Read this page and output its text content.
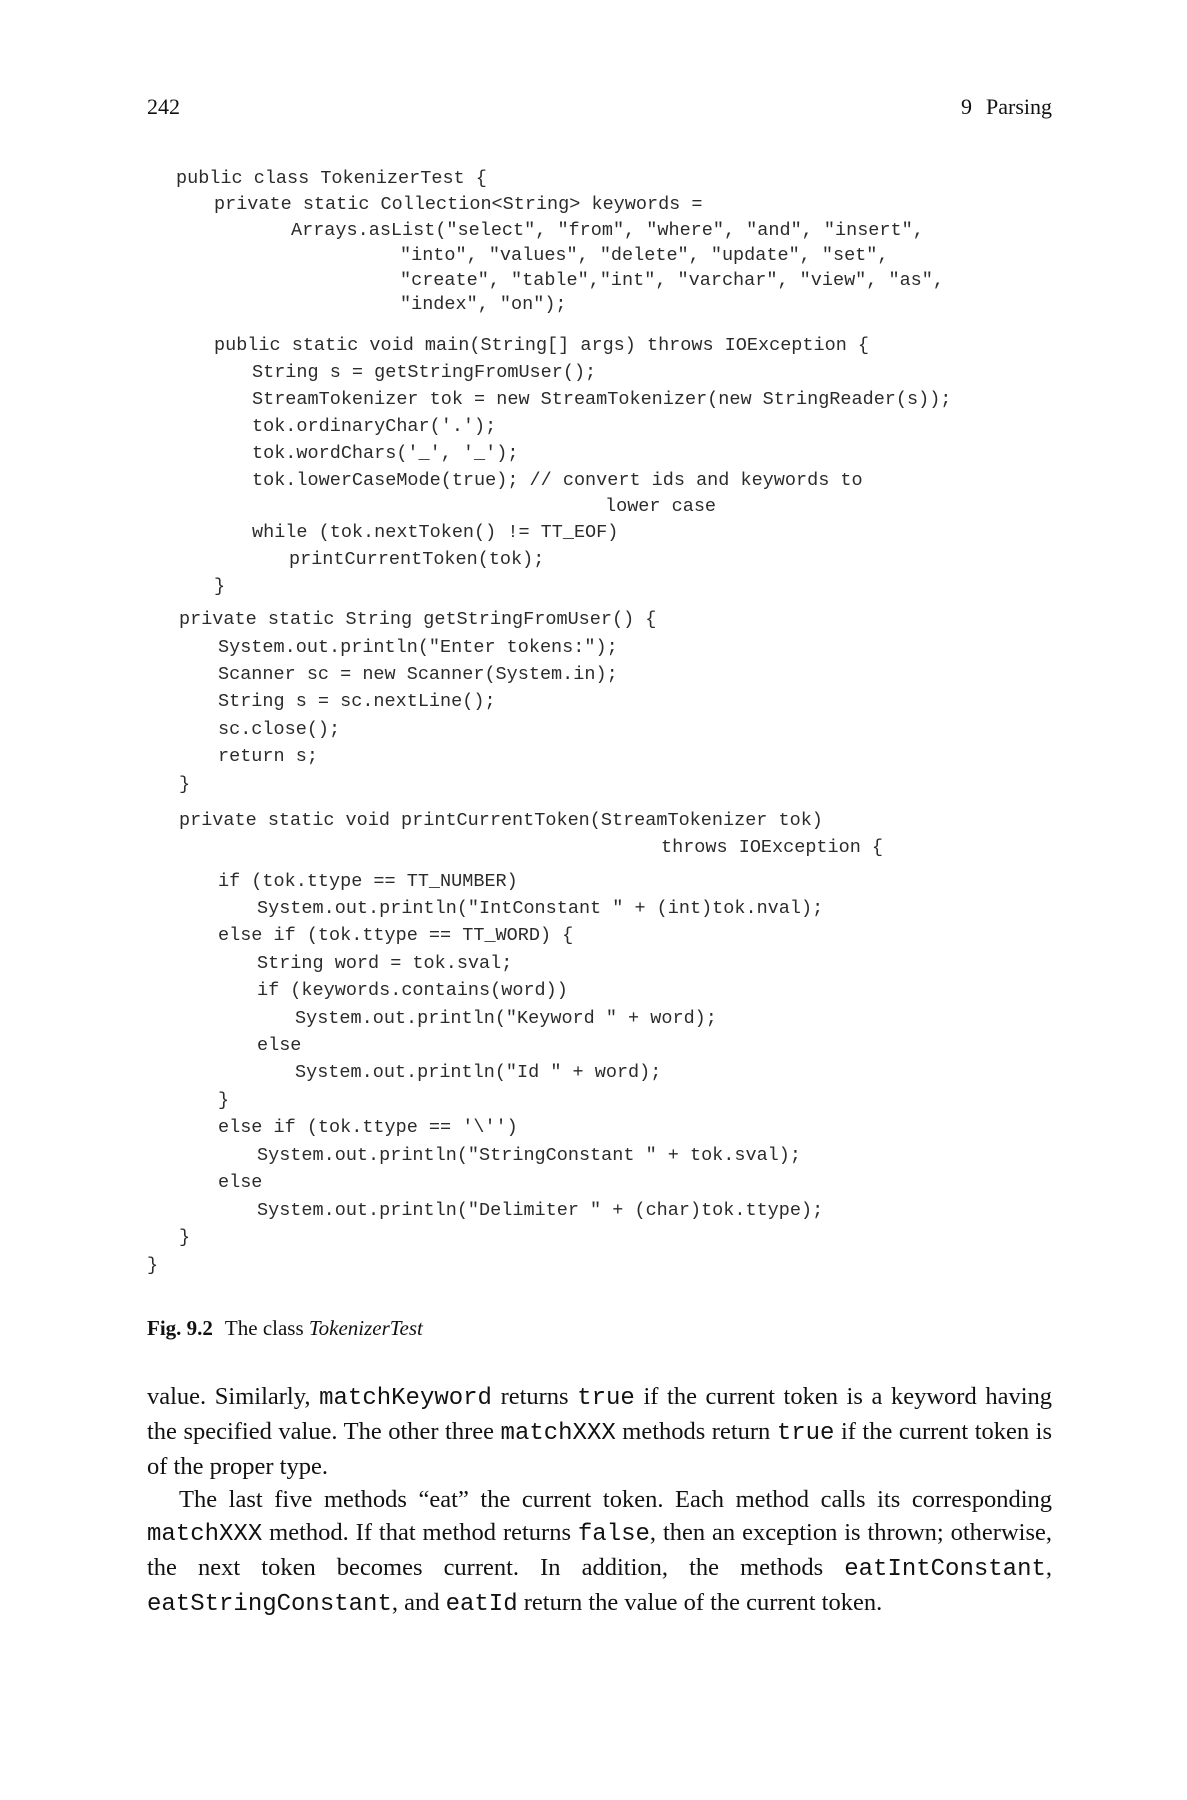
242	9 Parsing

public class TokenizerTest {

private static Collection<String> keywords =

Arrays.asList("select", "from", "where", "and", "insert",

"into", "values", "delete", "update", "set",

"create", "table","int", "varchar", "view", "as",

"index", "on");

public static void main(String[] args) throws IOException {

String s = getStringFromUser();

StreamTokenizer tok = new StreamTokenizer(new StringReader(s));

tok.ordinaryChar('.');

tok.wordChars('_', '_');

tok.lowerCaseMode(true); // convert ids and keywords to

lower case

while (tok.nextToken() != TT_EOF)

printCurrentToken(tok);

}

private static String getStringFromUser() {

System.out.println("Enter tokens:");

Scanner sc = new Scanner(System.in);

String s = sc.nextLine();

sc.close();

return s;

}

private static void printCurrentToken(StreamTokenizer tok)

throws IOException {

if (tok.ttype == TT_NUMBER)

System.out.println("IntConstant " + (int)tok.nval);

else if (tok.ttype == TT_WORD) {

String word = tok.sval;

if (keywords.contains(word))

System.out.println("Keyword " + word);

else

System.out.println("Id " + word);

}

else if (tok.ttype == '\'')

System.out.println("StringConstant " + tok.sval);

else

System.out.println("Delimiter " + (char)tok.ttype);

}

}

Fig. 9.2 The class TokenizerTest

value. Similarly, matchKeyword returns true if the current token is a keyword having the specified value. The other three matchXXX methods return true if the current token is of the proper type.

The last five methods “eat” the current token. Each method calls its corresponding matchXXX method. If that method returns false, then an exception is thrown; otherwise, the next token becomes current. In addition, the methods eatIntConstant, eatStringConstant, and eatId return the value of the current token.
